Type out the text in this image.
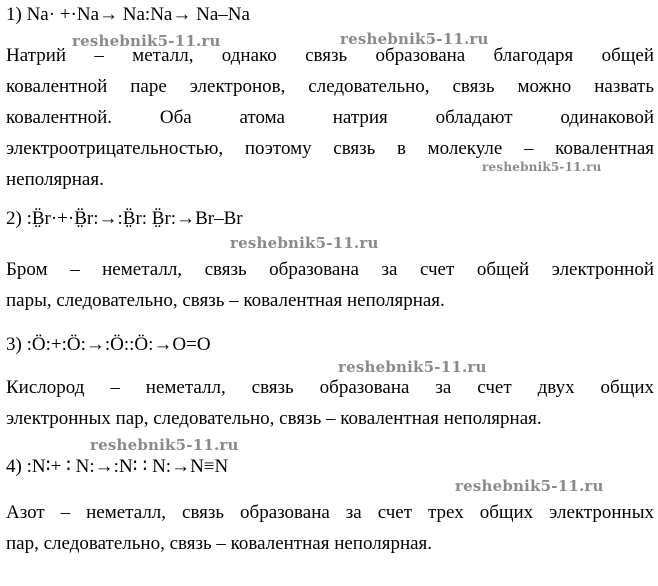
1) Na· +·Na→ Na:Na→ Na–Na
Натрий – металл, однако связь образована благодаря общей
ковалентной паре электронов, следовательно, связь можно назвать
ковалентной. Оба атома натрия обладают одинаковой
электроотрицательностью, поэтому связь в молекуле – ковалентная
неполярная.
2) :B̤̈r·+·B̤̈r:→:B̤̈r: B̤̈r:→Br–Br
Бром – неметалл, связь образована за счет общей электронной
пары, следовательно, связь – ковалентная неполярная.
3) :Ö:+:Ö:→:Ö::Ö:→O=O
Кислород – неметалл, связь образована за счет двух общих
электронных пар, следовательно, связь – ковалентная неполярная.
4) :N∶+ ∶ N:→:N∶ ∶ N:→N≡N
Азот – неметалл, связь образована за счет трех общих электронных
пар, следовательно, связь – ковалентная неполярная.
reshebnik5-11.ru	reshebnik5-11.ru
reshebnik5-11.ru
reshebnik5-11.ru
reshebnik5-11.ru
reshebnik5-11.ru
reshebnik5-11.ru
